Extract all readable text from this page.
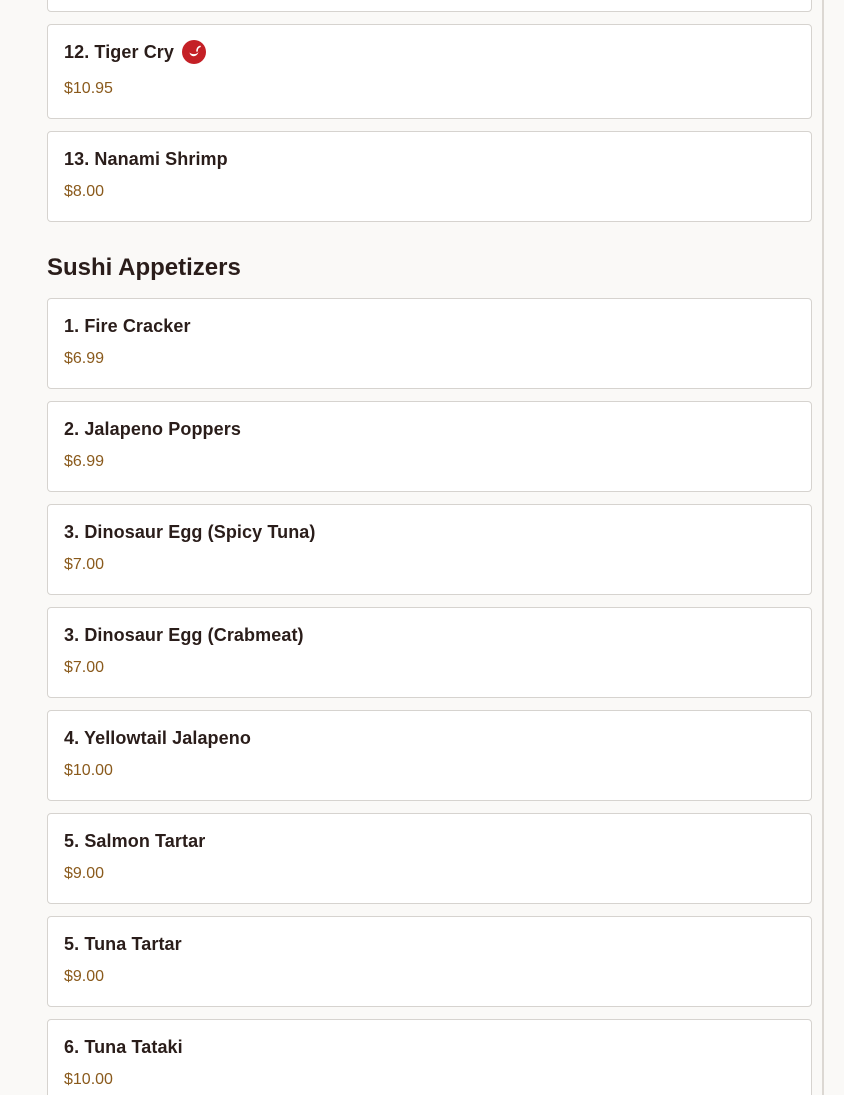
12. Tiger Cry
$10.95
13. Nanami Shrimp
$8.00
Sushi Appetizers
1. Fire Cracker
$6.99
2. Jalapeno Poppers
$6.99
3. Dinosaur Egg (Spicy Tuna)
$7.00
3. Dinosaur Egg (Crabmeat)
$7.00
4. Yellowtail Jalapeno
$10.00
5. Salmon Tartar
$9.00
5. Tuna Tartar
$9.00
6. Tuna Tataki
$10.00
